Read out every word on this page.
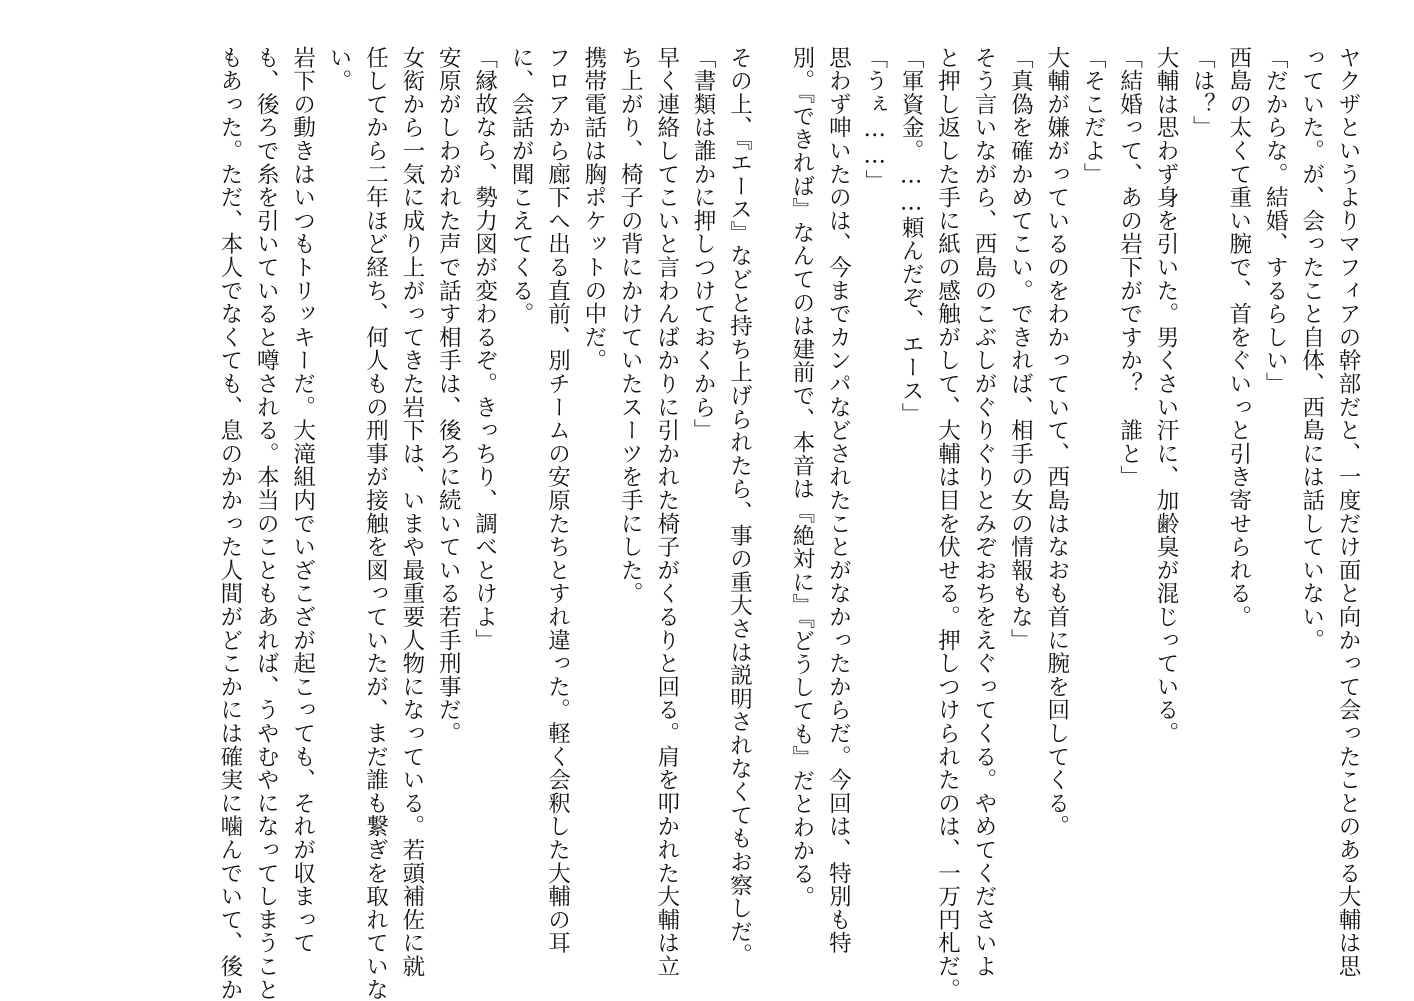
ヤクザというよりマフィアの幹部だと、一度だけ面と向かって会ったことのある大輔は思
っていた。が、会ったこと自体、西島には話していない。
「だからな。結婚、するらしい」
西島の太くて重い腕で、首をぐいっと引き寄せられる。
「は？」
大輔は思わず身を引いた。男くさい汗に、加齢臭が混じっている。
「結婚って、あの岩下がですか？　誰と」
「そこだよ」
大輔が嫌がっているのをわかっていて、西島はなおも首に腕を回してくる。
「真偽を確かめてこい。できれば、相手の女の情報もな」
そう言いながら、西島のこぶしがぐりぐりとみぞおちをえぐってくる。やめてくださいよ
と押し返した手に紙の感触がして、大輔は目を伏せる。押しつけられたのは、一万円札だ。
「軍資金。……頼んだぞ、エース」
「うぇ……」
思わず呻いたのは、今までカンパなどされたことがなかったからだ。今回は、特別も特
別。『できれば』なんてのは建前で、本音は『絶対に』『どうしても』だとわかる。
その上、『エース』などと持ち上げられたら、事の重大さは説明されなくてもお察しだ。
「書類は誰かに押しつけておくから」
早く連絡してこいと言わんばかりに引かれた椅子がくるりと回る。肩を叩かれた大輔は立
ち上がり、椅子の背にかけていたスーツを手にした。
携帯電話は胸ポケットの中だ。
フロアから廊下へ出る直前、別チームの安原たちとすれ違った。軽く会釈した大輔の耳
に、会話が聞こえてくる。
「縁故なら、勢力図が変わるぞ。きっちり、調べとけよ」
安原がしわがれた声で話す相手は、後ろに続いている若手刑事だ。
女衒から一気に成り上がってきた岩下は、いまや最重要人物になっている。若頭補佐に就
任してから二年ほど経ち、何人もの刑事が接触を図っていたが、まだ誰も繋ぎを取れていな
い。
岩下の動きはいつもトリッキーだ。大滝組内でいざこざが起こっても、それが収まって
も、後ろで糸を引いていると噂される。本当のこともあれば、うやむやになってしまうこと
もあった。ただ、本人でなくても、息のかかった人間がどこかには確実に噛んでいて、後か
